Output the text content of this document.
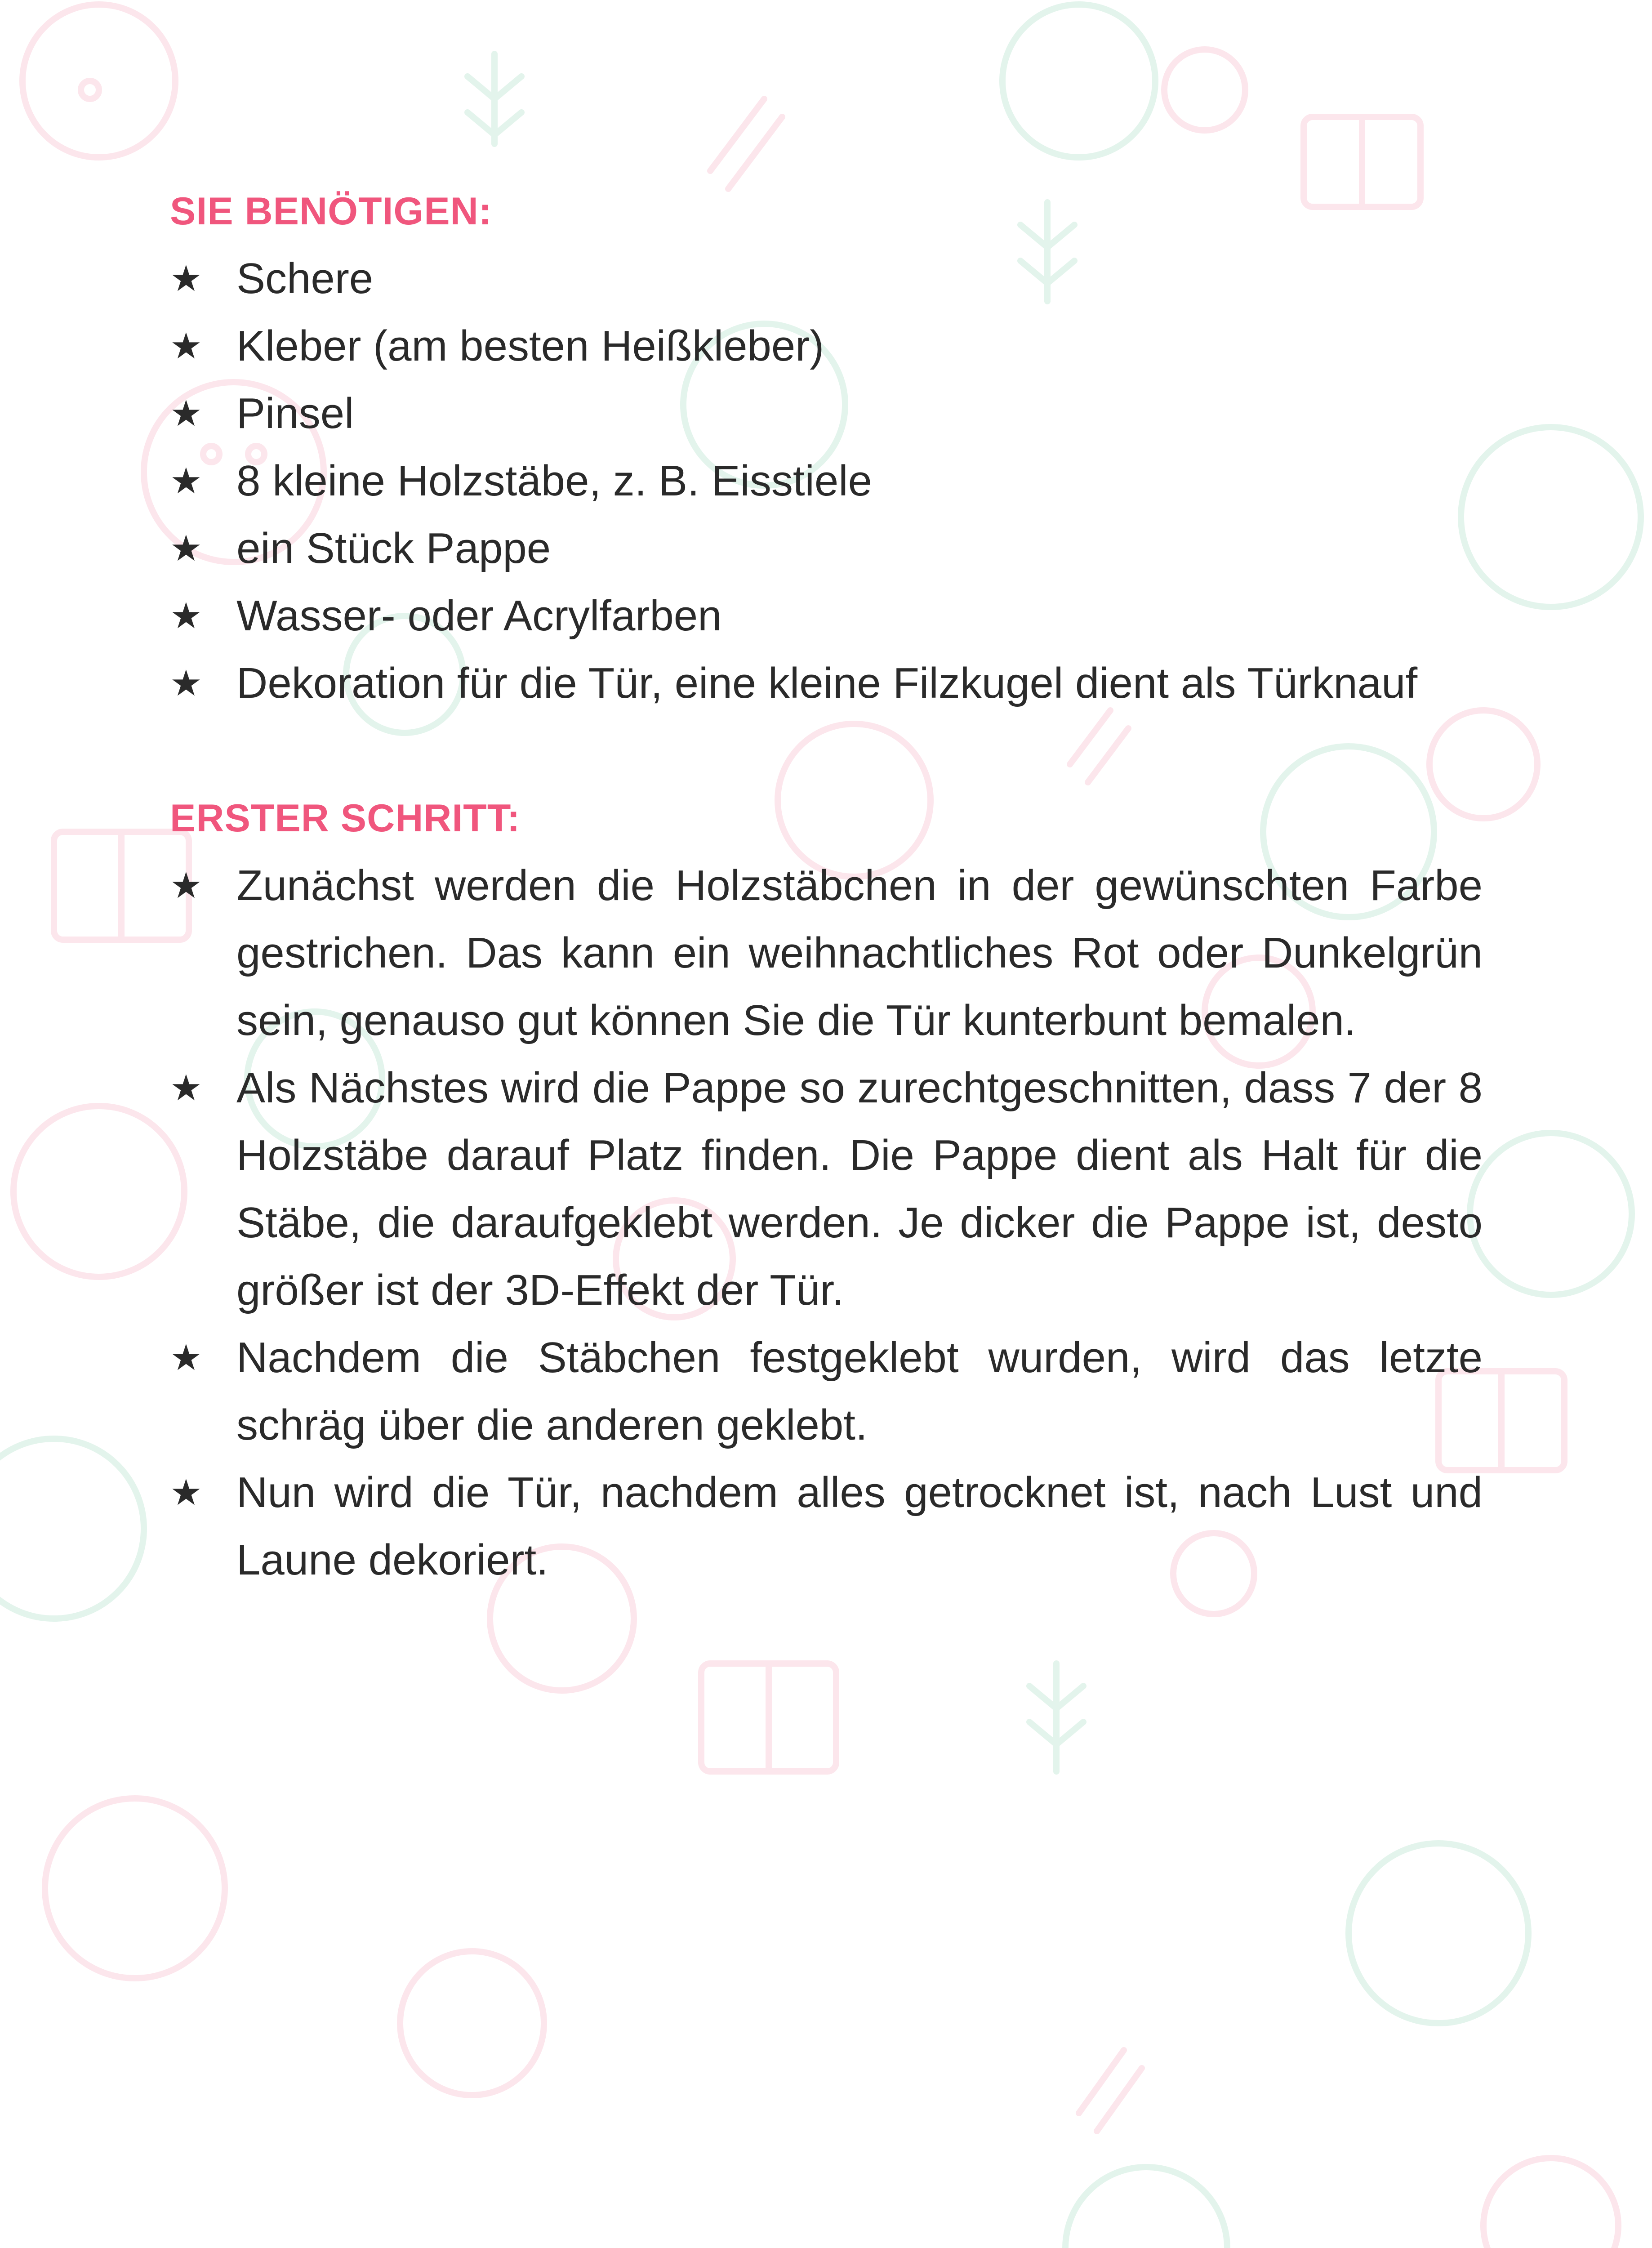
SIE BENÖTIGEN:
★ Schere
★ Kleber (am besten Heißkleber)
★ Pinsel
★ 8 kleine Holzstäbe, z. B. Eisstiele
★ ein Stück Pappe
★ Wasser- oder Acrylfarben
★ Dekoration für die Tür, eine kleine Filzkugel dient als Türknauf
ERSTER SCHRITT:
★ Zunächst werden die Holzstäbchen in der gewünschten Farbe gestrichen. Das kann ein weihnachtliches Rot oder Dunkelgrün sein, genauso gut können Sie die Tür kunterbunt bemalen.
★ Als Nächstes wird die Pappe so zurechtgeschnitten, dass 7 der 8 Holzstäbe darauf Platz finden. Die Pappe dient als Halt für die Stäbe, die daraufgeklebt werden. Je dicker die Pappe ist, desto größer ist der 3D-Effekt der Tür.
★ Nachdem die Stäbchen festgeklebt wurden, wird das letzte schräg über die anderen geklebt.
★ Nun wird die Tür, nachdem alles getrocknet ist, nach Lust und Laune dekoriert.
